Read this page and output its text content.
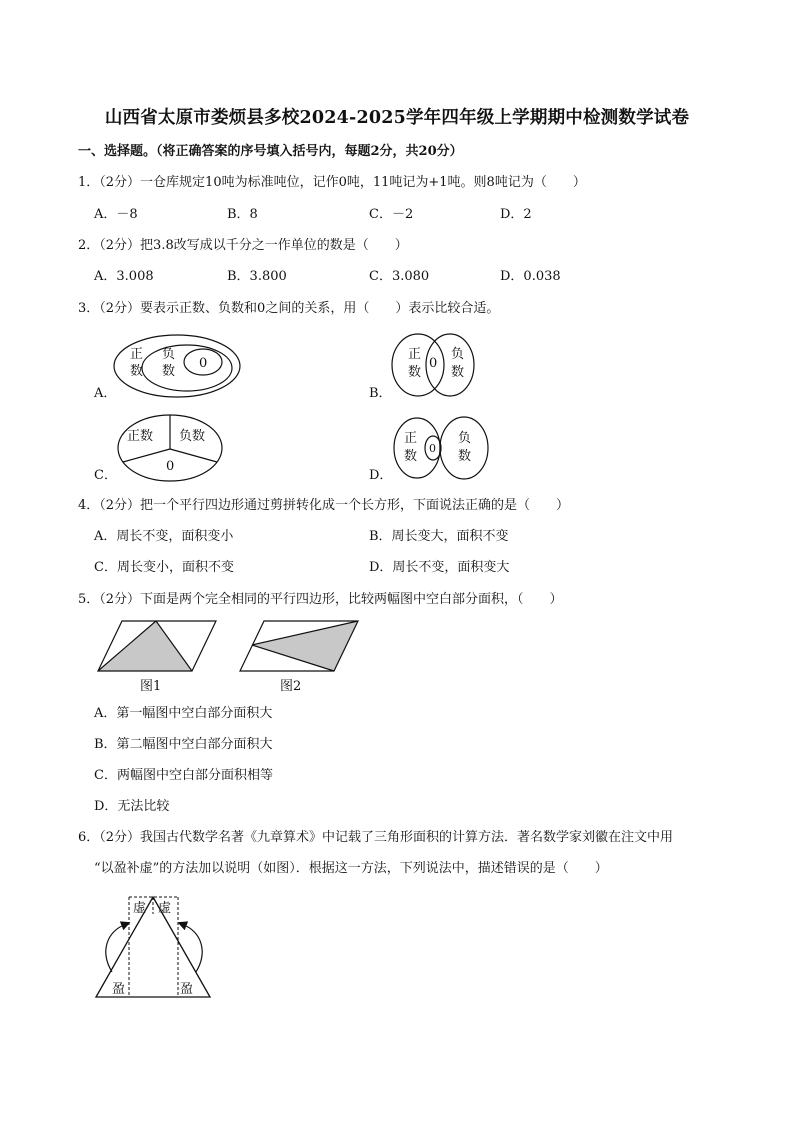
山西省太原市娄烦县多校2024-2025学年四年级上学期期中检测数学试卷
一、选择题。（将正确答案的序号填入括号内，每题2分，共20分）
1．（2分）一仓库规定10吨为标准吨位，记作0吨，11吨记为+1吨。则8吨记为（　　）
A．－8	B．8	C．－2	D．2
2．（2分）把3.8改写成以千分之一作单位的数是（　　）
A．3.008	B．3.800	C．3.080	D．0.038
3．（2分）要表示正数、负数和0之间的关系，用（　　）表示比较合适。
A．
正
数
负
数
0
B．
正
数
0
负
数
C．
正数 负数
0
D．
正
数
0
负
数
4．（2分）把一个平行四边形通过剪拼转化成一个长方形，下面说法正确的是（　　）
A．周长不变，面积变小	B．周长变大，面积不变
C．周长变小，面积不变	D．周长不变，面积变大
5．（2分）下面是两个完全相同的平行四边形，比较两幅图中空白部分面积，（　　）
图1	图2
A．第一幅图中空白部分面积大
B．第二幅图中空白部分面积大
C．两幅图中空白部分面积相等
D．无法比较
6．（2分）我国古代数学名著《九章算术》中记载了三角形面积的计算方法．著名数学家刘徽在注文中用
“以盈补虚”的方法加以说明（如图）．根据这一方法，下列说法中，描述错误的是（　　）
虚 虚
盈	盈
